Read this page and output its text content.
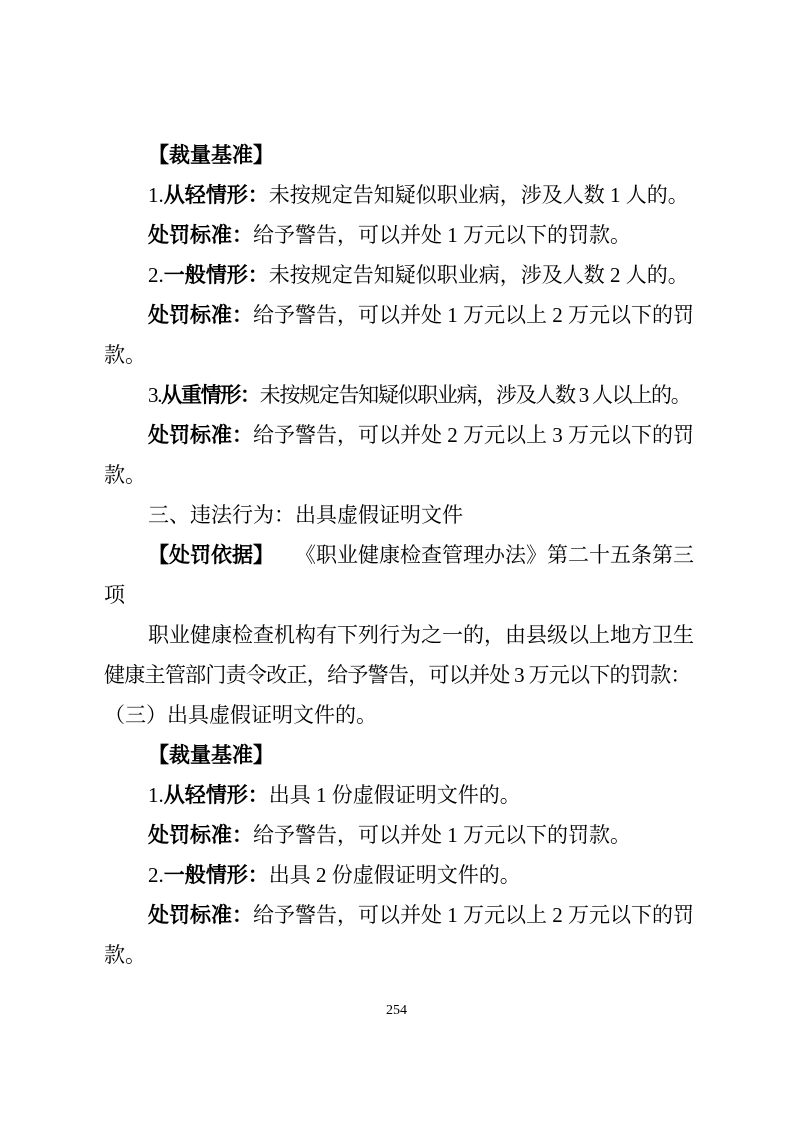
【裁量基准】
1.从轻情形：未按规定告知疑似职业病，涉及人数 1 人的。
处罚标准：给予警告，可以并处 1 万元以下的罚款。
2.一般情形：未按规定告知疑似职业病，涉及人数 2 人的。
处罚标准：给予警告，可以并处 1 万元以上 2 万元以下的罚
款。
3.从重情形：未按规定告知疑似职业病，涉及人数 3 人以上的。
处罚标准：给予警告，可以并处 2 万元以上 3 万元以下的罚
款。
三、违法行为：出具虚假证明文件
【处罚依据】　　《职业健康检查管理办法》第二十五条第三
项
职业健康检查机构有下列行为之一的，由县级以上地方卫生
健康主管部门责令改正，给予警告，可以并处 3 万元以下的罚款：
（三）出具虚假证明文件的。
【裁量基准】
1.从轻情形：出具 1 份虚假证明文件的。
处罚标准：给予警告，可以并处 1 万元以下的罚款。
2.一般情形：出具 2 份虚假证明文件的。
处罚标准：给予警告，可以并处 1 万元以上 2 万元以下的罚
款。
254
